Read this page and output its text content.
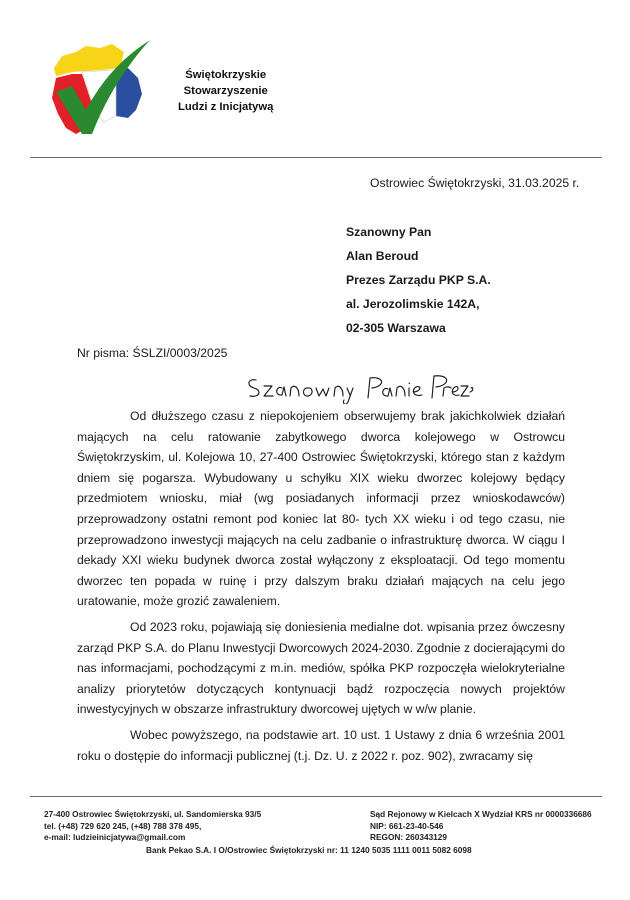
Świętokrzyskie
Stowarzyszenie
Ludzi z Inicjatywą
Ostrowiec Świętokrzyski, 31.03.2025 r.
Szanowny Pan
Alan Beroud
Prezes Zarządu PKP S.A.
al. Jerozolimskie 142A,
02-305 Warszawa
Nr pisma: ŚSLZI/0003/2025

Od dłuższego czasu z niepokojeniem obserwujemy brak jakichkolwiek działań mających na celu ratowanie zabytkowego dworca kolejowego w Ostrowcu Świętokrzyskim, ul. Kolejowa 10, 27-400 Ostrowiec Świętokrzyski, którego stan z każdym dniem się pogarsza. Wybudowany u schyłku XIX wieku dworzec kolejowy będący przedmiotem wniosku, miał (wg posiadanych informacji przez wnioskodawców) przeprowadzony ostatni remont pod koniec lat 80- tych XX wieku i od tego czasu, nie przeprowadzono inwestycji mających na celu zadbanie o infrastrukturę dworca. W ciągu I dekady XXI wieku budynek dworca został wyłączony z eksploatacji. Od tego momentu dworzec ten popada w ruinę i przy dalszym braku działań mających na celu jego uratowanie, może grozić zawaleniem.

Od 2023 roku, pojawiają się doniesienia medialne dot. wpisania przez ówczesny zarząd PKP S.A. do Planu Inwestycji Dworcowych 2024-2030. Zgodnie z docierającymi do nas informacjami, pochodzącymi z m.in. mediów, spółka PKP rozpoczęła wielokryterialne analizy priorytetów dotyczących kontynuacji bądź rozpoczęcia nowych projektów inwestycyjnych w obszarze infrastruktury dworcowej ujętych w w/w planie.

Wobec powyższego, na podstawie art. 10 ust. 1 Ustawy z dnia 6 września 2001 roku o dostępie do informacji publicznej (t.j. Dz. U. z 2022 r. poz. 902), zwracamy się

27-400 Ostrowiec Świętokrzyski, ul. Sandomierska 93/5
tel. (+48) 729 620 245, (+48) 788 378 495,
e-mail: ludzieinicjatywa@gmail.com
Sąd Rejonowy w Kielcach X Wydział KRS nr 0000336686
NIP: 661-23-40-546
REGON: 260343129
Bank Pekao S.A. I O/Ostrowiec Świętokrzyski nr: 11 1240 5035 1111 0011 5082 6098
